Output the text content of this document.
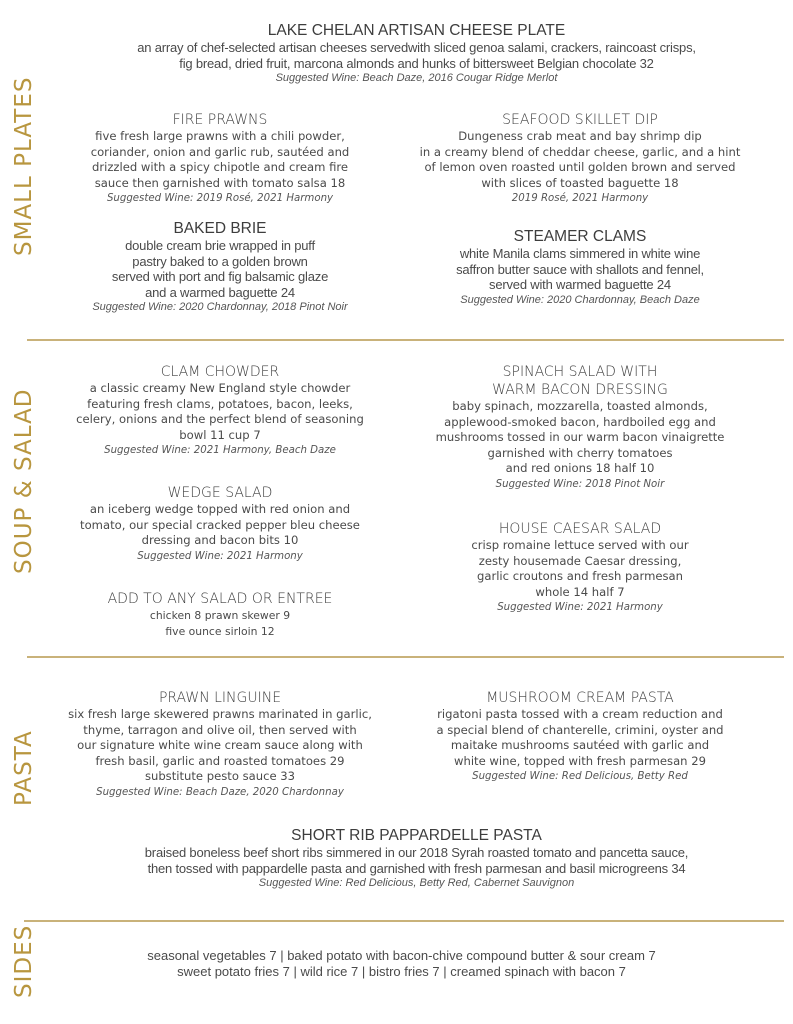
SMALL PLATES
SOUP & SALAD
PASTA
SIDES
LAKE CHELAN ARTISAN CHEESE PLATE
an array of chef-selected artisan cheeses servedwith sliced genoa salami, crackers, raincoast crisps,
fig bread, dried fruit, marcona almonds and hunks of bittersweet Belgian chocolate 32
Suggested Wine: Beach Daze, 2016 Cougar Ridge Merlot
FIRE PRAWNS
five fresh large prawns with a chili powder,
coriander, onion and garlic rub, sautéed and
drizzled with a spicy chipotle and cream fire
sauce then garnished with tomato salsa 18
Suggested Wine: 2019 Rosé, 2021 Harmony
SEAFOOD SKILLET DIP
Dungeness crab meat and bay shrimp dip
in a creamy blend of cheddar cheese, garlic, and a hint
of lemon oven roasted until golden brown and served
with slices of toasted baguette 18
2019 Rosé, 2021 Harmony
BAKED BRIE
double cream brie wrapped in puff
pastry baked to a golden brown
served with port and fig balsamic glaze
and a warmed baguette 24
Suggested Wine: 2020 Chardonnay, 2018 Pinot Noir
STEAMER CLAMS
white Manila clams simmered in white wine
saffron butter sauce with shallots and fennel,
served with warmed baguette 24
Suggested Wine: 2020 Chardonnay, Beach Daze
CLAM CHOWDER
a classic creamy New England style chowder
featuring fresh clams, potatoes, bacon, leeks,
celery, onions and the perfect blend of seasoning
bowl 11 cup 7
Suggested Wine: 2021 Harmony, Beach Daze
SPINACH SALAD WITH
WARM BACON DRESSING
baby spinach, mozzarella, toasted almonds,
applewood-smoked bacon, hardboiled egg and
mushrooms tossed in our warm bacon vinaigrette
garnished with cherry tomatoes
and red onions 18 half 10
Suggested Wine: 2018 Pinot Noir
WEDGE SALAD
an iceberg wedge topped with red onion and
tomato, our special cracked pepper bleu cheese
dressing and bacon bits 10
Suggested Wine: 2021 Harmony
HOUSE CAESAR SALAD
crisp romaine lettuce served with our
zesty housemade Caesar dressing,
garlic croutons and fresh parmesan
whole 14 half 7
Suggested Wine: 2021 Harmony
ADD TO ANY SALAD OR ENTREE
chicken 8 prawn skewer 9
five ounce sirloin 12
PRAWN LINGUINE
six fresh large skewered prawns marinated in garlic,
thyme, tarragon and olive oil, then served with
our signature white wine cream sauce along with
fresh basil, garlic and roasted tomatoes 29
substitute pesto sauce 33
Suggested Wine: Beach Daze, 2020 Chardonnay
MUSHROOM CREAM PASTA
rigatoni pasta tossed with a cream reduction and
a special blend of chanterelle, crimini, oyster and
maitake mushrooms sautéed with garlic and
white wine, topped with fresh parmesan 29
Suggested Wine: Red Delicious, Betty Red
SHORT RIB PAPPARDELLE PASTA
braised boneless beef short ribs simmered in our 2018 Syrah roasted tomato and pancetta sauce,
then tossed with pappardelle pasta and garnished with fresh parmesan and basil microgreens 34
Suggested Wine: Red Delicious, Betty Red, Cabernet Sauvignon
seasonal vegetables 7 | baked potato with bacon-chive compound butter & sour cream 7
sweet potato fries 7 | wild rice 7 | bistro fries 7 | creamed spinach with bacon 7
